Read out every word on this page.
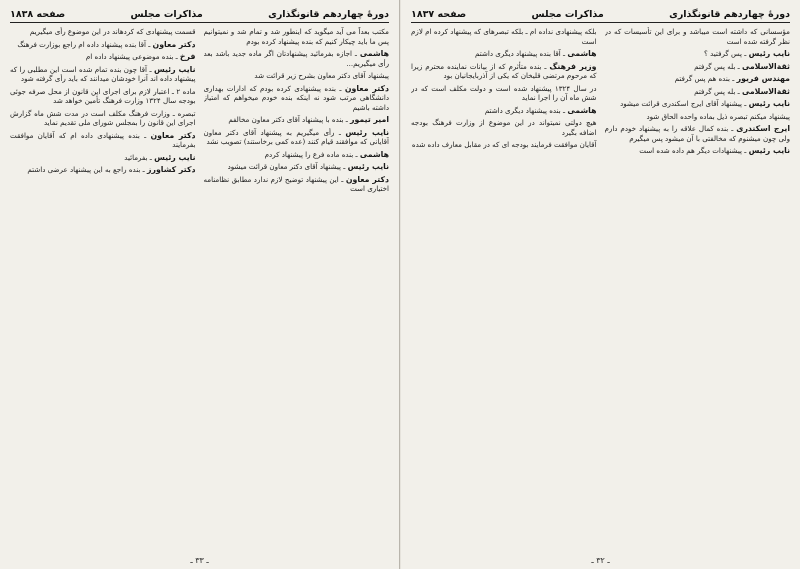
دورهٔ چهاردهم قانونگذاری
مذاکرات مجلس
صفحه ۱۸۳۸

مکتب بعداً می آید میگوید که اینطور شد و تمام شد و نمیتوانیم پس ما باید چیکار کنیم که بنده پیشنهاد کرده بودم

هاشمی ـ اجازه بفرمائید پیشنهادتان اگر ماده جدید باشد بعد رأی میگیریم...

پیشنهاد آقای دکتر معاون بشرح زیر قرائت شد

دکتر معاون ـ بنده پیشنهادی کرده بودم که ادارات بهداری دانشگاهی مرتب شود نه اینکه بنده خودم میخواهم که امتیاز داشته باشیم

امیر تیمور ـ بنده با پیشنهاد آقای دکتر معاون مخالفم

نایب رئیس ـ رأی میگیریم به پیشنهاد آقای دکتر معاون آقایانی که موافقند قیام کنند (عده کمی برخاستند) تصویب نشد

هاشمی ـ بنده ماده فرع را پیشنهاد کردم

نایب رئیس ـ پیشنهاد آقای دکتر معاون قرائت میشود

دکتر معاون ـ این پیشنهاد توضیح لازم ندارد مطابق نظامنامه اختیاری است

قسمت پیشنهادی که کردهاند در این موضوع رأی میگیریم

دکتر معاون ـ آقا بنده پیشنهاد داده ام راجع بوزارت فرهنگ

فرخ ـ بنده موضوعی پیشنهاد داده ام

نایب رئیس ـ آقا چون بنده تمام شده است این مطلبی را که پیشنهاد داده اند آنرا خودشان میدانند که باید رأی گرفته شود

ماده ۲ ـ اعتبار لازم برای اجرای این قانون از محل صرفه جوئی بودجه سال ۱۳۲۴ وزارت فرهنگ تأمین خواهد شد

تبصره ـ وزارت فرهنگ مکلف است در مدت شش ماه گزارش اجرای این قانون را بمجلس شورای ملی تقدیم نماید

دکتر معاون ـ بنده پیشنهادی داده ام که آقایان موافقت بفرمایند

نایب رئیس ـ بفرمائید

دکتر کشاورز ـ بنده راجع به این پیشنهاد عرضی داشتم

ـ ۳۳ ـ
دورهٔ چهاردهم قانونگذاری
مذاکرات مجلس
صفحه ۱۸۳۷

مؤسسانی که داشته است میباشد و برای این تأسیسات که در نظر گرفته شده است

نایب رئیس ـ پس گرفتید ؟

ثقةالاسلامی ـ بله پس گرفتم

مهندس فریور ـ بنده هم پس گرفتم

ثقةالاسلامی ـ بله پس گرفتم

نایب رئیس ـ پیشنهاد آقای ایرج اسکندری قرائت میشود

پیشنهاد میکنم تبصره ذیل بماده واحده الحاق شود

ایرج اسکندری ـ بنده کمال علاقه را به پیشنهاد خودم دارم ولی چون میشنوم که مخالفتی با آن میشود پس میگیرم

نایب رئیس ـ پیشنهادات دیگر هم داده شده است

بلکه پیشنهادی نداده ام ـ بلکه تبصرهای که پیشنهاد کرده ام لازم است

هاشمی ـ آقا بنده پیشنهاد دیگری داشتم

وزیر فرهنگ ـ بنده متأثرم که از بیانات نماینده محترم زیرا که مرحوم مرتضی قلیخان که یکی از آذربایجانیان بود

در سال ۱۳۲۴ پیشنهاد شده است و دولت مکلف است که در شش ماه آن را اجرا نماید

هاشمی ـ بنده پیشنهاد دیگری داشتم

هیچ دولتی نمیتواند در این موضوع از وزارت فرهنگ بودجه اضافه بگیرد

آقایان موافقت فرمایند بودجه ای که در مقابل معارف داده شده

ـ ۳۲ ـ
